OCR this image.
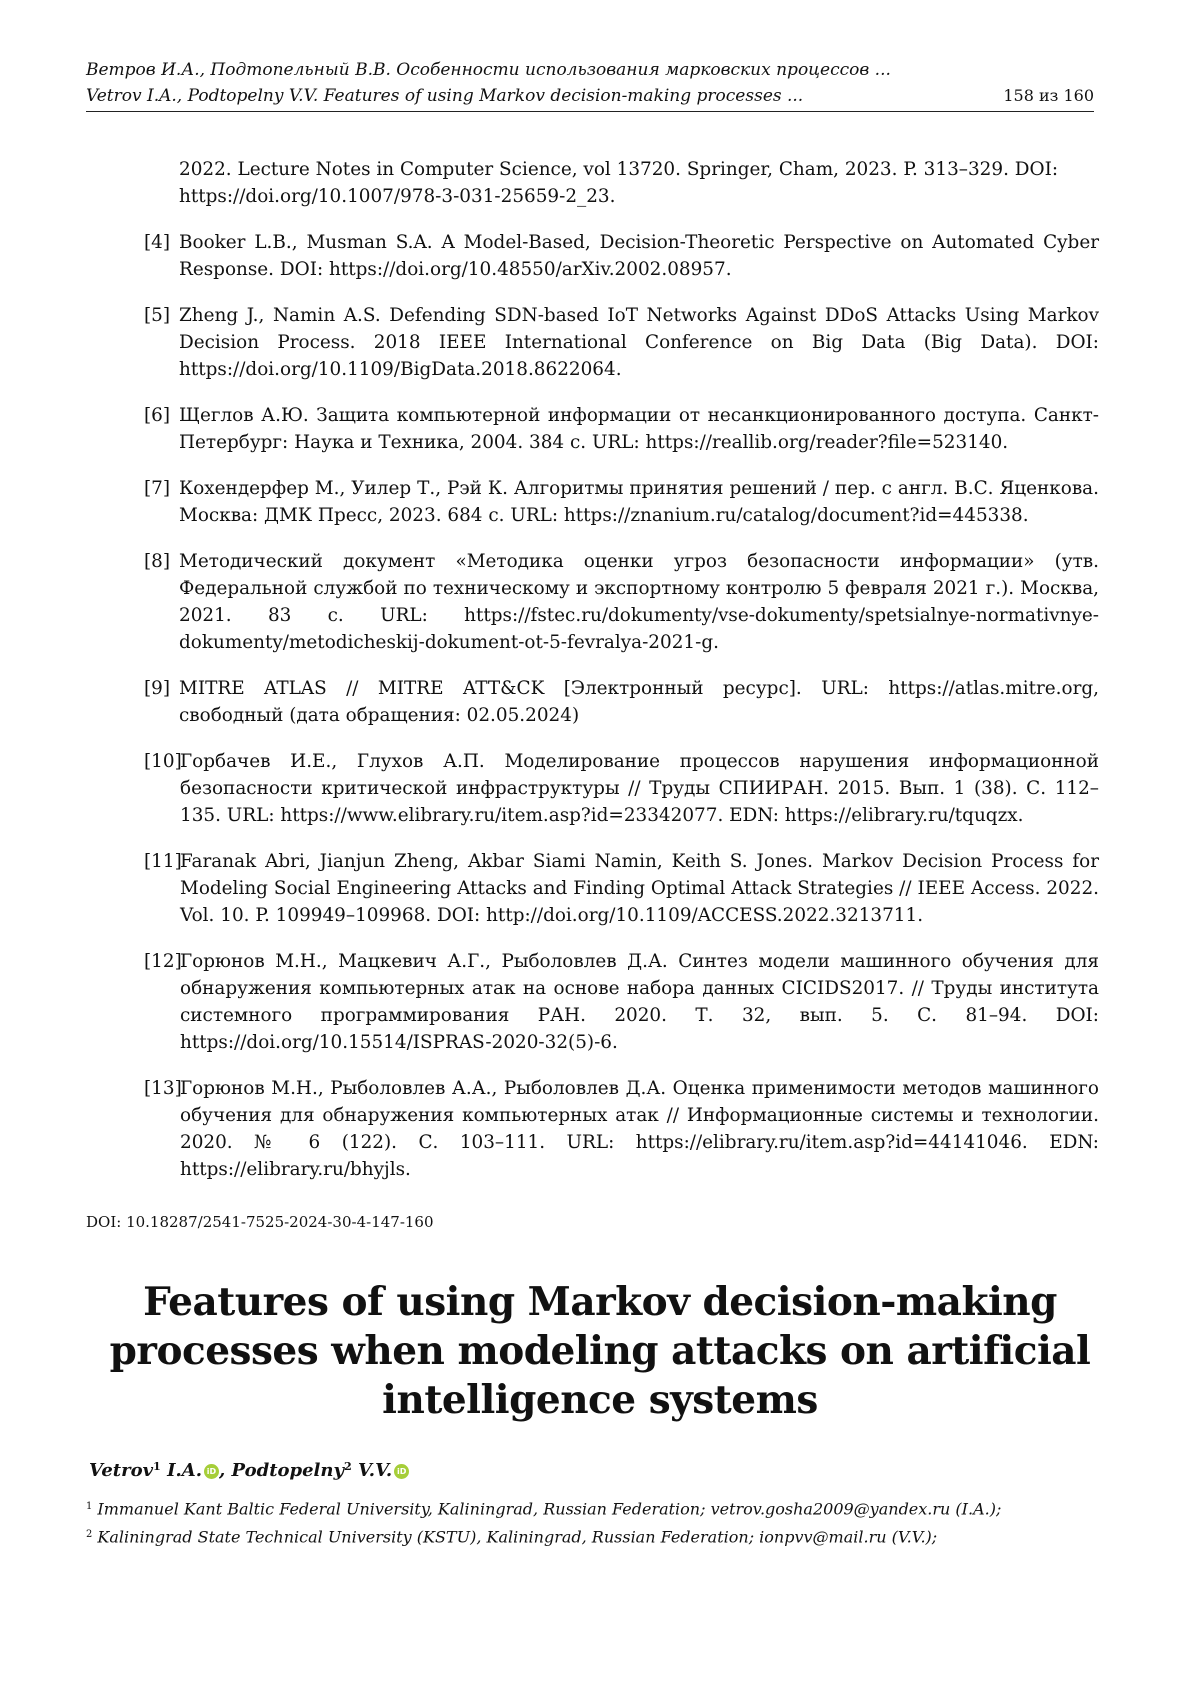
Ветров И.А., Подтопельный В.В. Особенности использования марковских процессов ...
Vetrov I.A., Podtopelny V.V. Features of using Markov decision-making processes ...	158 из 160
2022. Lecture Notes in Computer Science, vol 13720. Springer, Cham, 2023. P. 313–329. DOI: https://doi.org/10.1007/978-3-031-25659-2_23.
[4] Booker L.B., Musman S.A. A Model-Based, Decision-Theoretic Perspective on Automated Cyber Response. DOI: https://doi.org/10.48550/arXiv.2002.08957.
[5] Zheng J., Namin A.S. Defending SDN-based IoT Networks Against DDoS Attacks Using Markov Decision Process. 2018 IEEE International Conference on Big Data (Big Data). DOI: https://doi.org/10.1109/BigData.2018.8622064.
[6] Щеглов А.Ю. Защита компьютерной информации от несанкционированного доступа. Санкт-Петербург: Наука и Техника, 2004. 384 с. URL: https://reallib.org/reader?file=523140.
[7] Кохендерфер М., Уилер Т., Рэй К. Алгоритмы принятия решений / пер. с англ. В.С. Яценкова. Москва: ДМК Пресс, 2023. 684 с. URL: https://znanium.ru/catalog/document?id=445338.
[8] Методический документ «Методика оценки угроз безопасности информации» (утв. Федеральной службой по техническому и экспортному контролю 5 февраля 2021 г.). Москва, 2021. 83 с. URL: https://fstec.ru/dokumenty/vse-dokumenty/spetsialnye-normativnye-dokumenty/metodicheskij-dokument-ot-5-fevralya-2021-g.
[9] MITRE ATLAS // MITRE ATT&CK [Электронный ресурс]. URL: https://atlas.mitre.org, свободный (дата обращения: 02.05.2024)
[10]
Горбачев И.Е., Глухов А.П. Моделирование процессов нарушения информационной безопасности критической инфраструктуры // Труды СПИИРАН. 2015. Вып. 1 (38). С. 112–135. URL: https://www.elibrary.ru/item.asp?id=23342077. EDN: https://elibrary.ru/tquqzx.
[11]
Faranak Abri, Jianjun Zheng, Akbar Siami Namin, Keith S. Jones. Markov Decision Process for Modeling Social Engineering Attacks and Finding Optimal Attack Strategies // IEEE Access. 2022. Vol. 10. P. 109949–109968. DOI: http://doi.org/10.1109/ACCESS.2022.3213711.
[12]
Горюнов М.Н., Мацкевич А.Г., Рыболовлев Д.А. Синтез модели машинного обучения для обнаружения компьютерных атак на основе набора данных CICIDS2017. // Труды института системного программирования РАН. 2020. Т. 32, вып. 5. С. 81–94. DOI: https://doi.org/10.15514/ISPRAS-2020-32(5)-6.
[13]
Горюнов М.Н., Рыболовлев А.А., Рыболовлев Д.А. Оценка применимости методов машинного обучения для обнаружения компьютерных атак // Информационные системы и технологии. 2020. № 6 (122). С. 103–111. URL: https://elibrary.ru/item.asp?id=44141046. EDN: https://elibrary.ru/bhyjls.
DOI: 10.18287/2541-7525-2024-30-4-147-160
Features of using Markov decision-making processes when modeling attacks on artificial intelligence systems
Vetrov$^1$ I.A. iD , Podtopelny$^2$ V.V. iD
$^1$ Immanuel Kant Baltic Federal University, Kaliningrad, Russian Federation; vetrov.gosha2009@yandex.ru (I.A.);
$^2$ Kaliningrad State Technical University (KSTU), Kaliningrad, Russian Federation; ionpvv@mail.ru (V.V.);
